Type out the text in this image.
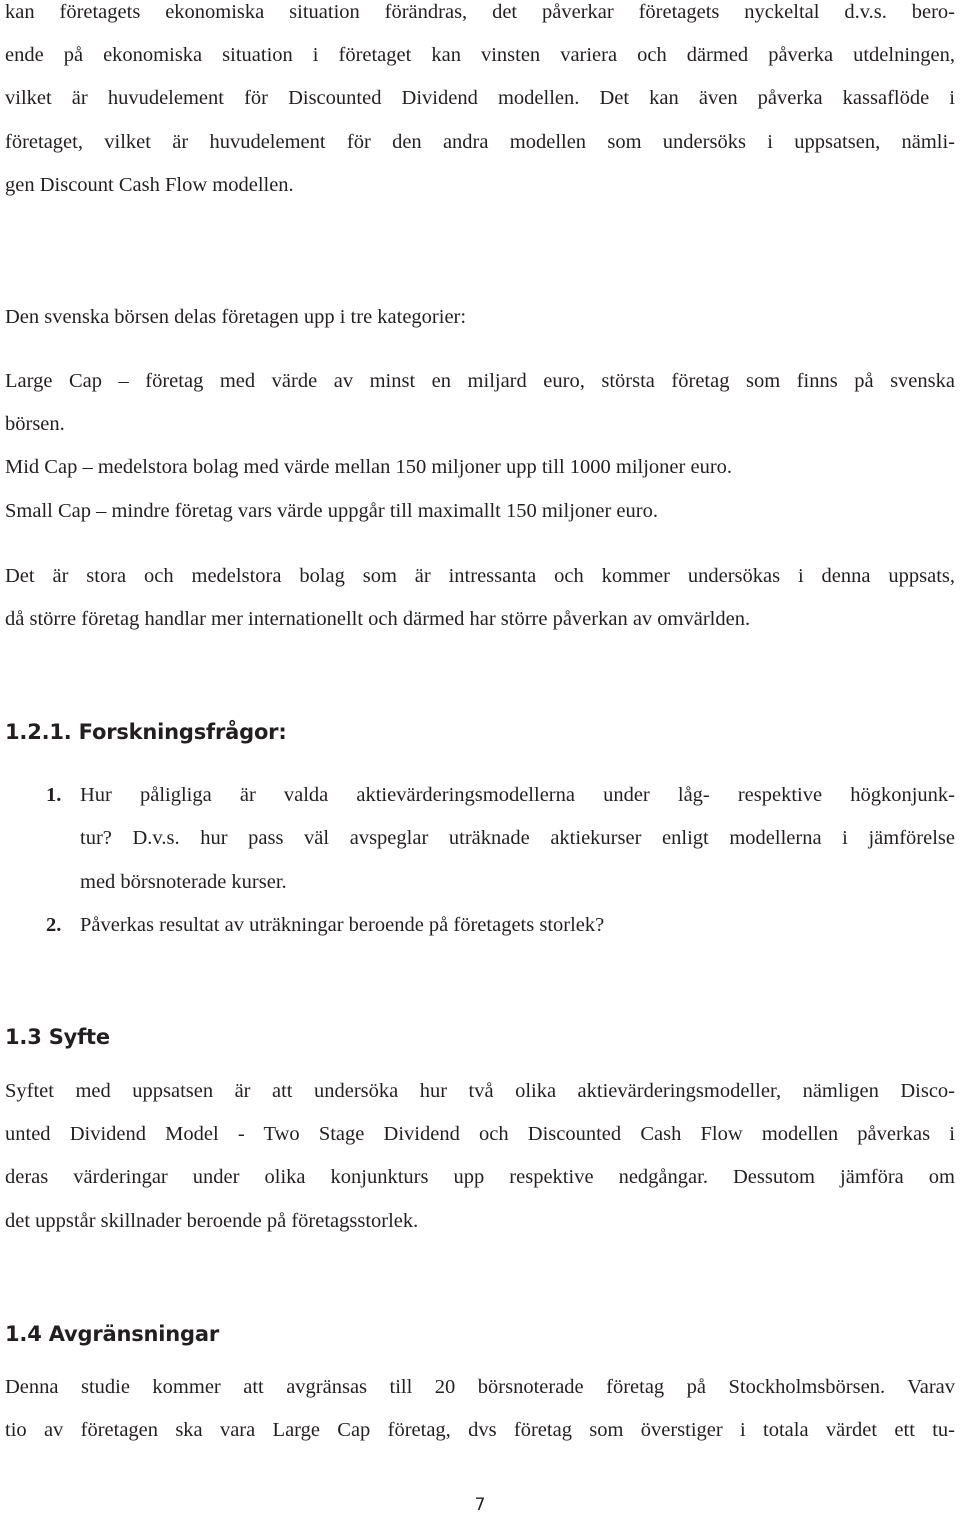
kan företagets ekonomiska situation förändras, det påverkar företagets nyckeltal d.v.s. bero-

ende på ekonomiska situation i företaget kan vinsten variera och därmed påverka utdelningen,

vilket är huvudelement för Discounted Dividend modellen. Det kan även påverka kassaflöde i

företaget, vilket är huvudelement för den andra modellen som undersöks i uppsatsen, nämli-

gen Discount Cash Flow modellen.

Den svenska börsen delas företagen upp i tre kategorier:

Large Cap – företag med värde av minst en miljard euro, största företag som finns på svenska

börsen.

Mid Cap – medelstora bolag med värde mellan 150 miljoner upp till 1000 miljoner euro.

Small Cap – mindre företag vars värde uppgår till maximallt 150 miljoner euro.

Det är stora och medelstora bolag som är intressanta och kommer undersökas i denna uppsats,

då större företag handlar mer internationellt och därmed har större påverkan av omvärlden.

1.2.1. Forskningsfrågor:

1. Hur påligliga är valda aktievärderingsmodellerna under låg- respektive högkonjunk-

tur? D.v.s. hur pass väl avspeglar uträknade aktiekurser enligt modellerna i jämförelse

med börsnoterade kurser.

2. Påverkas resultat av uträkningar beroende på företagets storlek?

1.3 Syfte

Syftet med uppsatsen är att undersöka hur två olika aktievärderingsmodeller, nämligen Disco-

unted Dividend Model - Two Stage Dividend och Discounted Cash Flow modellen påverkas i

deras värderingar under olika konjunkturs upp respektive nedgångar. Dessutom jämföra om

det uppstår skillnader beroende på företagsstorlek.

1.4 Avgränsningar

Denna studie kommer att avgränsas till 20 börsnoterade företag på Stockholmsbörsen. Varav

tio av företagen ska vara Large Cap företag, dvs företag som överstiger i totala värdet ett tu-

7
